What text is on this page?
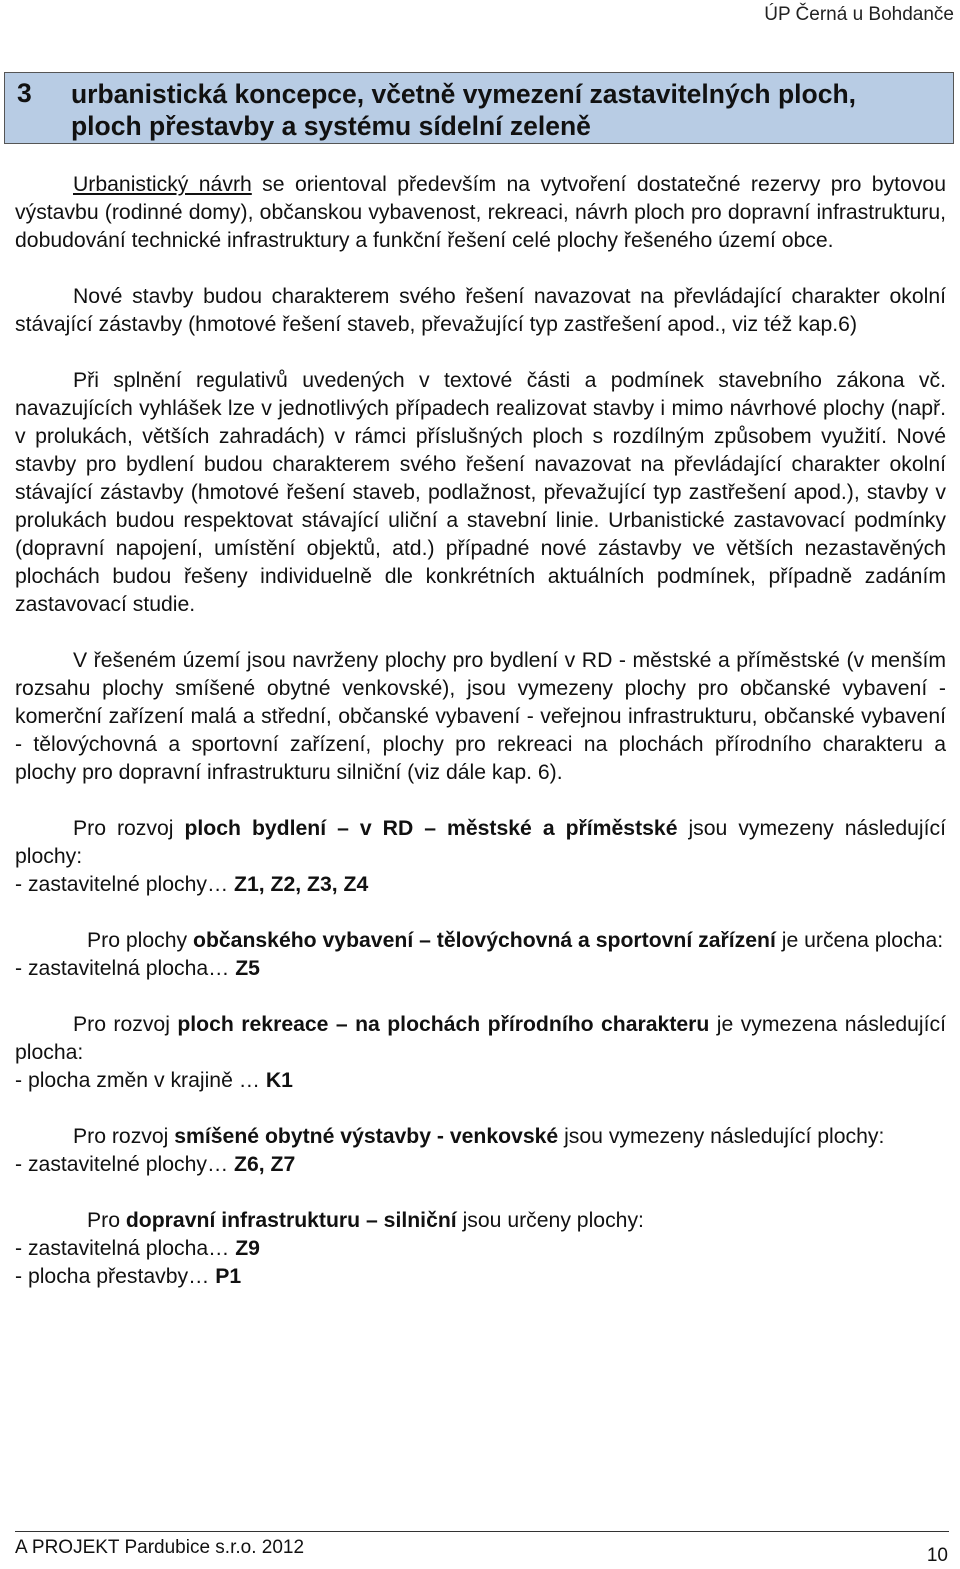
ÚP Černá u Bohdanče
3 urbanistická koncepce, včetně vymezení zastavitelných ploch, ploch přestavby a systému sídelní zeleně

Urbanistický návrh se orientoval především na vytvoření dostatečné rezervy pro bytovou výstavbu (rodinné domy), občanskou vybavenost, rekreaci, návrh ploch pro dopravní infrastrukturu, dobudování technické infrastruktury a funkční řešení celé plochy řešeného území obce.

Nové stavby budou charakterem svého řešení navazovat na převládající charakter okolní stávající zástavby (hmotové řešení staveb, převažující typ zastřešení apod., viz též kap.6)

Při splnění regulativů uvedených v textové části a podmínek stavebního zákona vč. navazujících vyhlášek lze v jednotlivých případech realizovat stavby i mimo návrhové plochy (např. v prolukách, větších zahradách) v rámci příslušných ploch s rozdílným způsobem využití. Nové stavby pro bydlení budou charakterem svého řešení navazovat na převládající charakter okolní stávající zástavby (hmotové řešení staveb, podlažnost, převažující typ zastřešení apod.), stavby v prolukách budou respektovat stávající uliční a stavební linie. Urbanistické zastavovací podmínky (dopravní napojení, umístění objektů, atd.) případné nové zástavby ve větších nezastavěných plochách budou řešeny individuelně dle konkrétních aktuálních podmínek, případně zadáním zastavovací studie.

V řešeném území jsou navrženy plochy pro bydlení v RD - městské a příměstské (v menším rozsahu plochy smíšené obytné venkovské), jsou vymezeny plochy pro občanské vybavení - komerční zařízení malá a střední, občanské vybavení - veřejnou infrastrukturu, občanské vybavení - tělovýchovná a sportovní zařízení, plochy pro rekreaci na plochách přírodního charakteru a plochy pro dopravní infrastrukturu silniční (viz dále kap. 6).

Pro rozvoj ploch bydlení – v RD – městské a příměstské jsou vymezeny následující plochy:
- zastavitelné plochy… Z1, Z2, Z3, Z4
Pro plochy občanského vybavení – tělovýchovná a sportovní zařízení je určena plocha:
- zastavitelná plocha… Z5
Pro rozvoj ploch rekreace – na plochách přírodního charakteru je vymezena následující plocha:
- plocha změn v krajině … K1
Pro rozvoj smíšené obytné výstavby - venkovské jsou vymezeny následující plochy:
- zastavitelné plochy… Z6, Z7
Pro dopravní infrastrukturu – silniční jsou určeny plochy:
- zastavitelná plocha… Z9
- plocha přestavby… P1
A PROJEKT Pardubice s.r.o. 2012	10
